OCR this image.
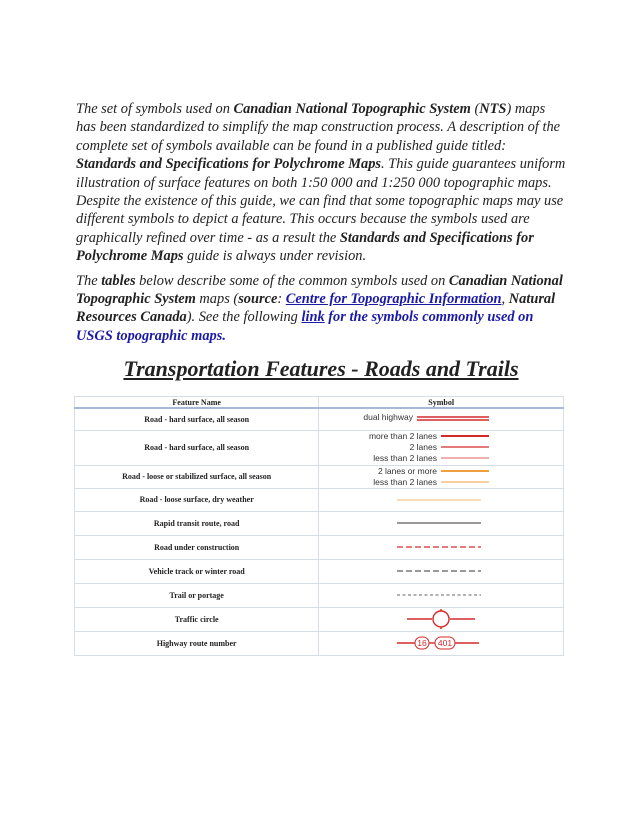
The set of symbols used on Canadian National Topographic System (NTS) maps has been standardized to simplify the map construction process. A description of the complete set of symbols available can be found in a published guide titled: Standards and Specifications for Polychrome Maps. This guide guarantees uniform illustration of surface features on both 1:50 000 and 1:250 000 topographic maps. Despite the existence of this guide, we can find that some topographic maps may use different symbols to depict a feature. This occurs because the symbols used are graphically refined over time - as a result the Standards and Specifications for Polychrome Maps guide is always under revision.

The tables below describe some of the common symbols used on Canadian National Topographic System maps (source: Centre for Topographic Information, Natural Resources Canada). See the following link for the symbols commonly used on USGS topographic maps.

Transportation Features - Roads and Trails
Feature Name	Symbol
Road - hard surface, all season	dual highway

Road - hard surface, all season	more than 2 lanes
2 lanes
less than 2 lanes

Road - loose or stabilized surface, all season	2 lanes or more
less than 2 lanes

Road - loose surface, dry weather	

Rapid transit route, road	

Road under construction	

Vehicle track or winter road	

Trail or portage	

Traffic circle	

Highway route number	16 401
